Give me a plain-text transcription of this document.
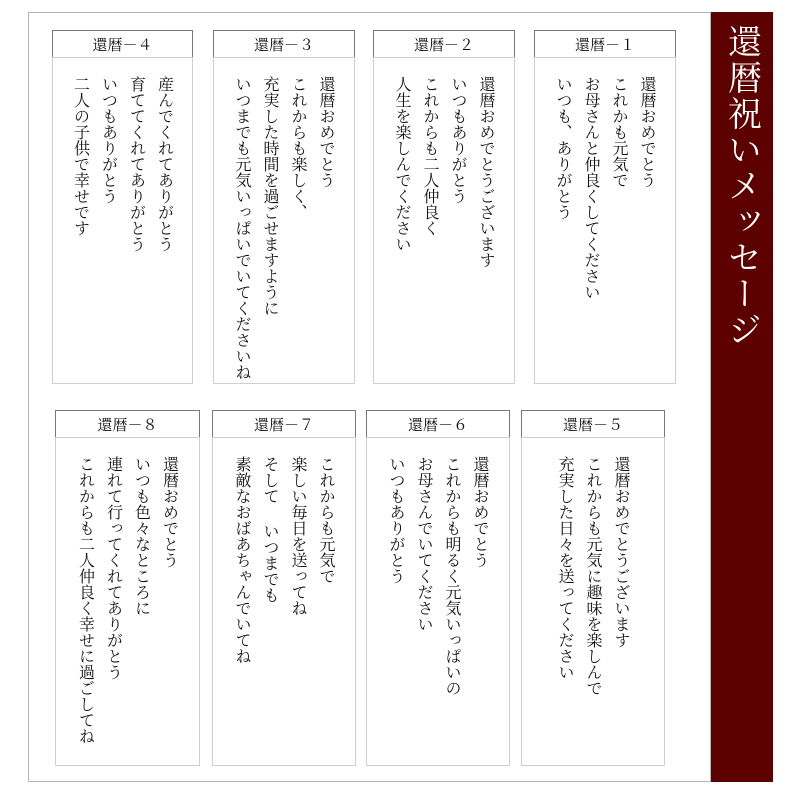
還暦祝いメッセージ
還暦－４
産んでくれてありがとう
育ててくれてありがとう
いつもありがとう
二人の子供で幸せです
還暦－３
還暦おめでとう
これからも楽しく、
充実した時間を過ごせますように
いつまでも元気いっぱいでいてくださいね
還暦－２
還暦おめでとうございます
いつもありがとう
これからも二人仲良く
人生を楽しんでください
還暦－１
還暦おめでとう
これかも元気で
お母さんと仲良くしてください
いつも、ありがとう
還暦－８
還暦おめでとう
いつも色々なところに
連れて行ってくれてありがとう
これからも二人仲良く幸せに過ごしてね
還暦－７
これからも元気で
楽しい毎日を送ってね
そして いつまでも
素敵なおばあちゃんでいてね
還暦－６
還暦おめでとう
これからも明るく元気いっぱいの
お母さんでいてください
いつもありがとう
還暦－５
還暦おめでとうございます
これからも元気に趣味を楽しんで
充実した日々を送ってください
